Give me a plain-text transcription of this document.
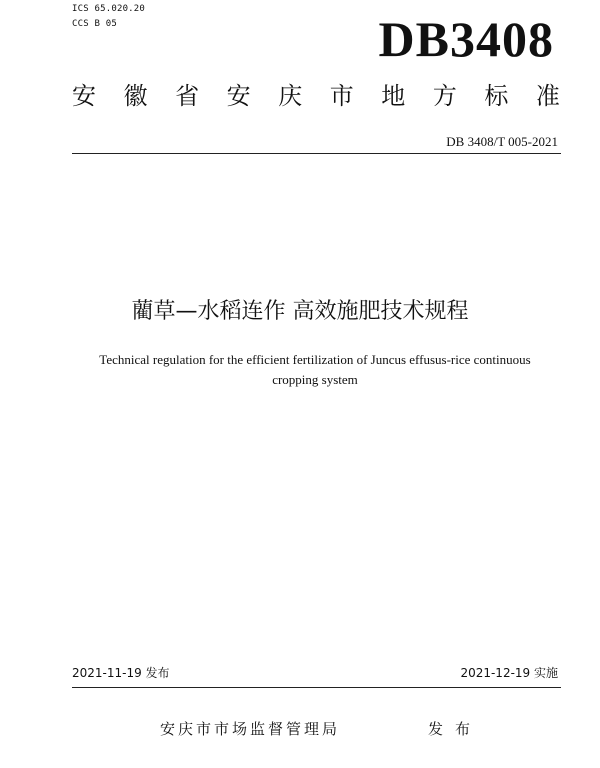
ICS 65.020.20
CCS B 05	DB3408
安 徽 省 安 庆 市 地 方 标 准
DB 3408/T 005-2021
藺草—水稻连作 高效施肥技术规程
Technical regulation for the efficient fertilization of Juncus effusus-rice continuous
cropping system
2021-11-19 发布	2021-12-19 实施
安庆市市场监督管理局	发布
